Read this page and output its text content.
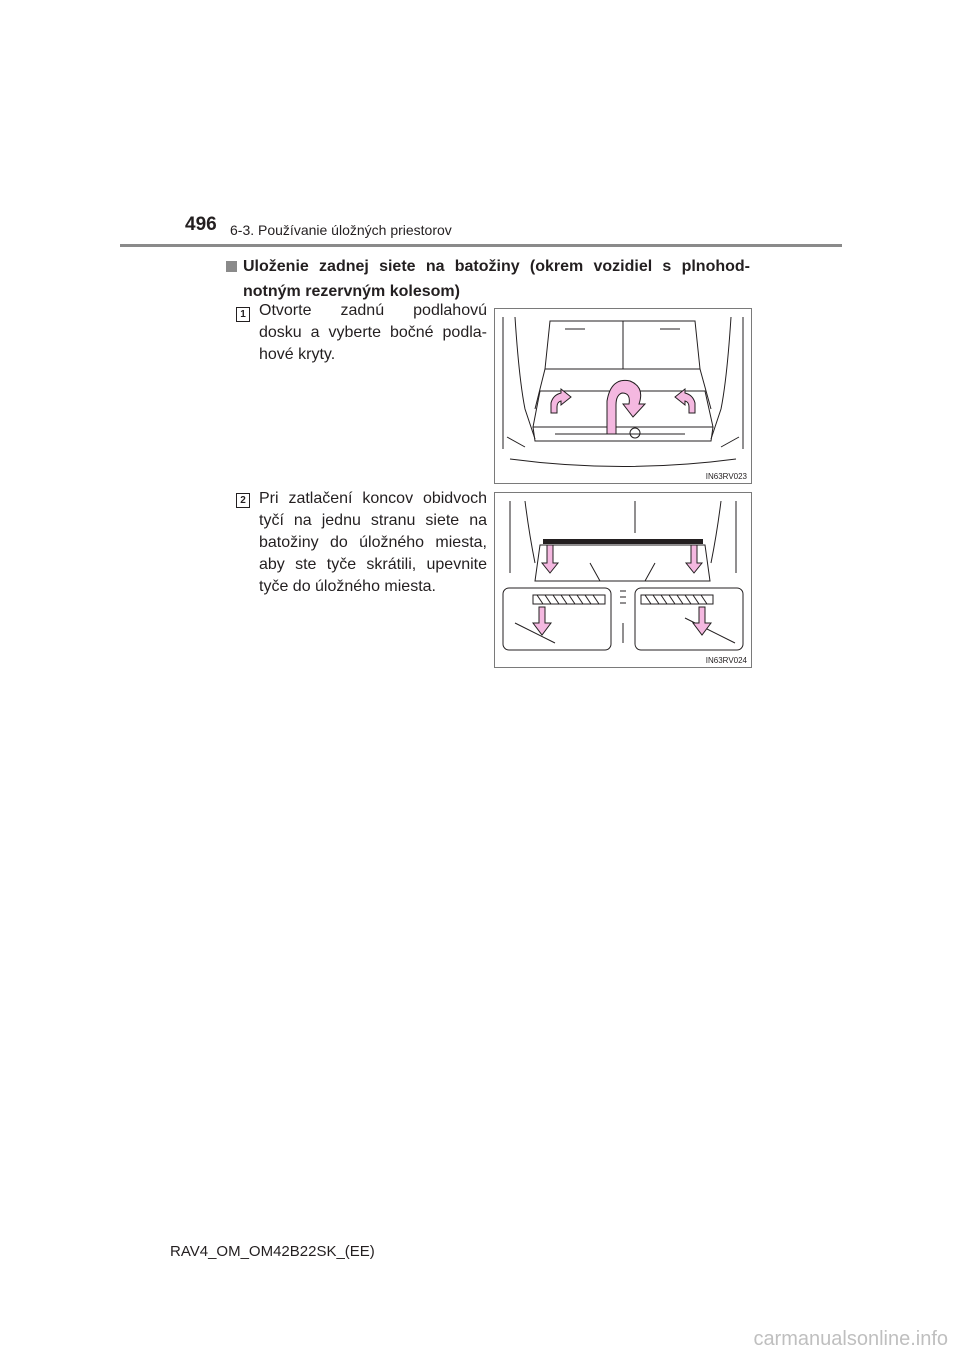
496 6-3. Používanie úložných priestorov
Uloženie zadnej siete na batožiny (okrem vozidiel s plnohod-
notným rezervným kolesom)
1 Otvorte zadnú podlahovú
dosku a vyberte bočné podla-
hové kryty.
IN63RV023
2 Pri zatlačení koncov obidvoch
tyčí na jednu stranu siete na
batožiny do úložného miesta,
aby ste tyče skrátili, upevnite
tyče do úložného miesta.
IN63RV024
RAV4_OM_OM42B22SK_(EE)
carmanualsonline.info
